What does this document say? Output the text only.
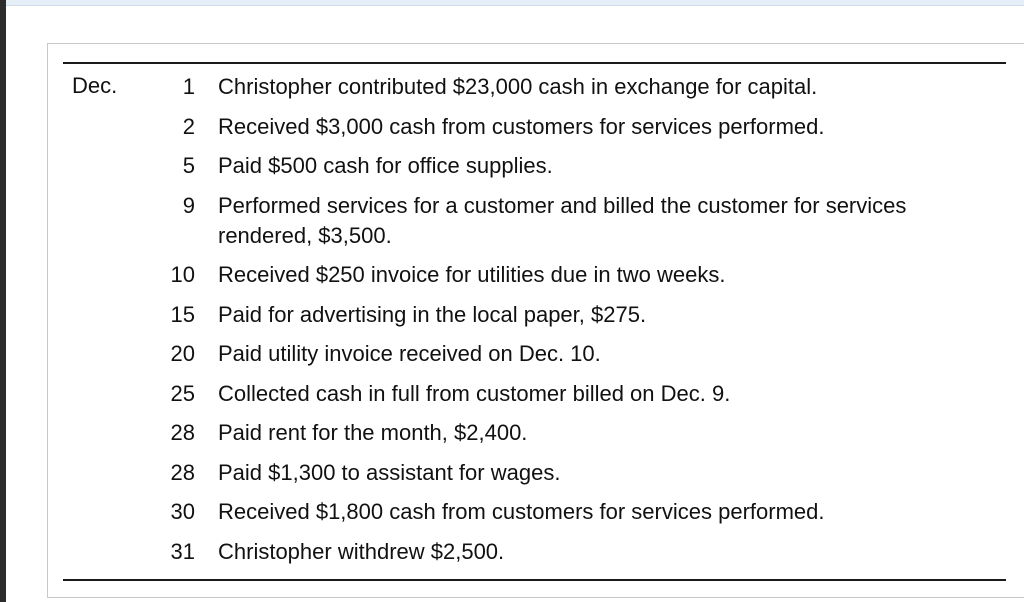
Dec.	1 Christopher contributed $23,000 cash in exchange for capital.
2 Received $3,000 cash from customers for services performed.
5 Paid $500 cash for office supplies.
9 Performed services for a customer and billed the customer for services rendered, $3,500.
10 Received $250 invoice for utilities due in two weeks.
15 Paid for advertising in the local paper, $275.
20 Paid utility invoice received on Dec. 10.
25 Collected cash in full from customer billed on Dec. 9.
28 Paid rent for the month, $2,400.
28 Paid $1,300 to assistant for wages.
30 Received $1,800 cash from customers for services performed.
31 Christopher withdrew $2,500.
